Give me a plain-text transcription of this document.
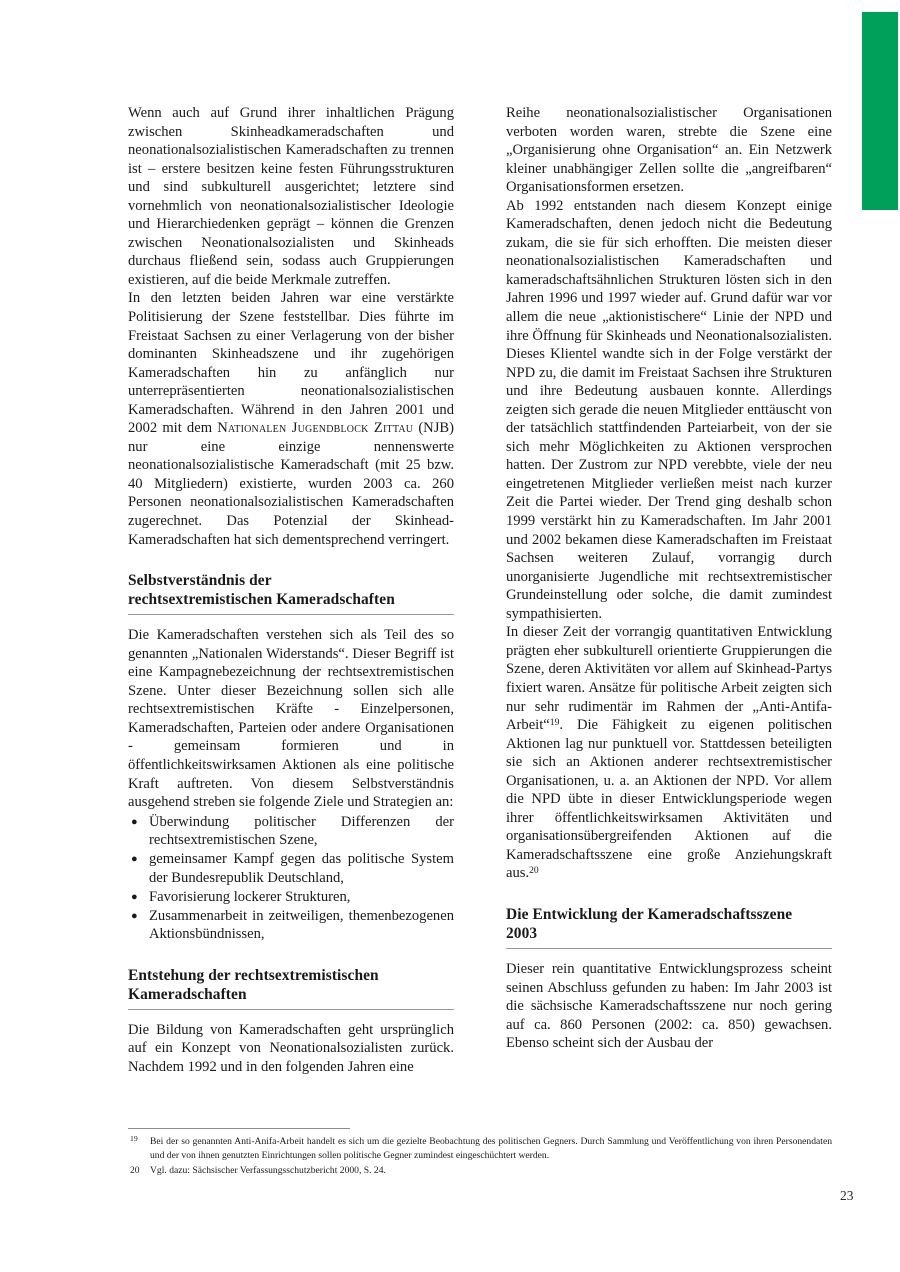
Wenn auch auf Grund ihrer inhaltlichen Prägung zwischen Skinheadkameradschaften und neonationalsozialistischen Kameradschaften zu trennen ist – erstere besitzen keine festen Führungsstrukturen und sind subkulturell ausgerichtet; letztere sind vornehmlich von neonationalsozialistischer Ideologie und Hierarchiedenken geprägt – können die Grenzen zwischen Neonationalsozialisten und Skinheads durchaus fließend sein, sodass auch Gruppierungen existieren, auf die beide Merkmale zutreffen.

In den letzten beiden Jahren war eine verstärkte Politisierung der Szene feststellbar. Dies führte im Freistaat Sachsen zu einer Verlagerung von der bisher dominanten Skinheadszene und ihr zugehörigen Kameradschaften hin zu anfänglich nur unterrepräsentierten neonationalsozialistischen Kameradschaften. Während in den Jahren 2001 und 2002 mit dem Nationalen Jugendblock Zittau (NJB) nur eine einzige nennenswerte neonationalsozialistische Kameradschaft (mit 25 bzw. 40 Mitgliedern) existierte, wurden 2003 ca. 260 Personen neonationalsozialistischen Kameradschaften zugerechnet. Das Potenzial der Skinhead-Kameradschaften hat sich dementsprechend verringert.

Selbstverständnis der
rechtsextremistischen Kameradschaften

Die Kameradschaften verstehen sich als Teil des so genannten „Nationalen Widerstands“. Dieser Begriff ist eine Kampagnebezeichnung der rechtsextremistischen Szene. Unter dieser Bezeichnung sollen sich alle rechtsextremistischen Kräfte - Einzelpersonen, Kameradschaften, Parteien oder andere Organisationen - gemeinsam formieren und in öffentlichkeitswirksamen Aktionen als eine politische Kraft auftreten. Von diesem Selbstverständnis ausgehend streben sie folgende Ziele und Strategien an:

● Überwindung politischer Differenzen der rechtsextremistischen Szene,
● gemeinsamer Kampf gegen das politische System der Bundesrepublik Deutschland,
● Favorisierung lockerer Strukturen,
● Zusammenarbeit in zeitweiligen, themenbezogenen Aktionsbündnissen,
Entstehung der rechtsextremistischen
Kameradschaften

Die Bildung von Kameradschaften geht ursprünglich auf ein Konzept von Neonationalsozialisten zurück. Nachdem 1992 und in den folgenden Jahren eine

Reihe neonationalsozialistischer Organisationen verboten worden waren, strebte die Szene eine „Organisierung ohne Organisation“ an. Ein Netzwerk kleiner unabhängiger Zellen sollte die „angreifbaren“ Organisationsformen ersetzen.

Ab 1992 entstanden nach diesem Konzept einige Kameradschaften, denen jedoch nicht die Bedeutung zukam, die sie für sich erhofften. Die meisten dieser neonationalsozialistischen Kameradschaften und kameradschaftsähnlichen Strukturen lösten sich in den Jahren 1996 und 1997 wieder auf. Grund dafür war vor allem die neue „aktionistischere“ Linie der NPD und ihre Öffnung für Skinheads und Neonationalsozialisten. Dieses Klientel wandte sich in der Folge verstärkt der NPD zu, die damit im Freistaat Sachsen ihre Strukturen und ihre Bedeutung ausbauen konnte. Allerdings zeigten sich gerade die neuen Mitglieder enttäuscht von der tatsächlich stattfindenden Parteiarbeit, von der sie sich mehr Möglichkeiten zu Aktionen versprochen hatten. Der Zustrom zur NPD verebbte, viele der neu eingetretenen Mitglieder verließen meist nach kurzer Zeit die Partei wieder. Der Trend ging deshalb schon 1999 verstärkt hin zu Kameradschaften. Im Jahr 2001 und 2002 bekamen diese Kameradschaften im Freistaat Sachsen weiteren Zulauf, vorrangig durch unorganisierte Jugendliche mit rechtsextremistischer Grundeinstellung oder solche, die damit zumindest sympathisierten.

In dieser Zeit der vorrangig quantitativen Entwicklung prägten eher subkulturell orientierte Gruppierungen die Szene, deren Aktivitäten vor allem auf Skinhead-Partys fixiert waren. Ansätze für politische Arbeit zeigten sich nur sehr rudimentär im Rahmen der „Anti-Antifa-Arbeit“$^{19}$. Die Fähigkeit zu eigenen politischen Aktionen lag nur punktuell vor. Stattdessen beteiligten sie sich an Aktionen anderer rechtsextremistischer Organisationen, u. a. an Aktionen der NPD. Vor allem die NPD übte in dieser Entwicklungsperiode wegen ihrer öffentlichkeitswirksamen Aktivitäten und organisationsübergreifenden Aktionen auf die Kameradschaftsszene eine große Anziehungskraft aus.$^{20}$

Die Entwicklung der Kameradschaftsszene
2003

Dieser rein quantitative Entwicklungsprozess scheint seinen Abschluss gefunden zu haben: Im Jahr 2003 ist die sächsische Kameradschaftsszene nur noch gering auf ca. 860 Personen (2002: ca. 850) gewachsen. Ebenso scheint sich der Ausbau der

$^{19}$	Bei der so genannten Anti-Anifa-Arbeit handelt es sich um die gezielte Beobachtung des politischen Gegners. Durch Sammlung und Veröffentlichung von ihren Personendaten und der von ihnen genutzten Einrichtungen sollen politische Gegner zumindest eingeschüchtert werden.
20	Vgl. dazu: Sächsischer Verfassungsschutzbericht 2000, S. 24.
23
